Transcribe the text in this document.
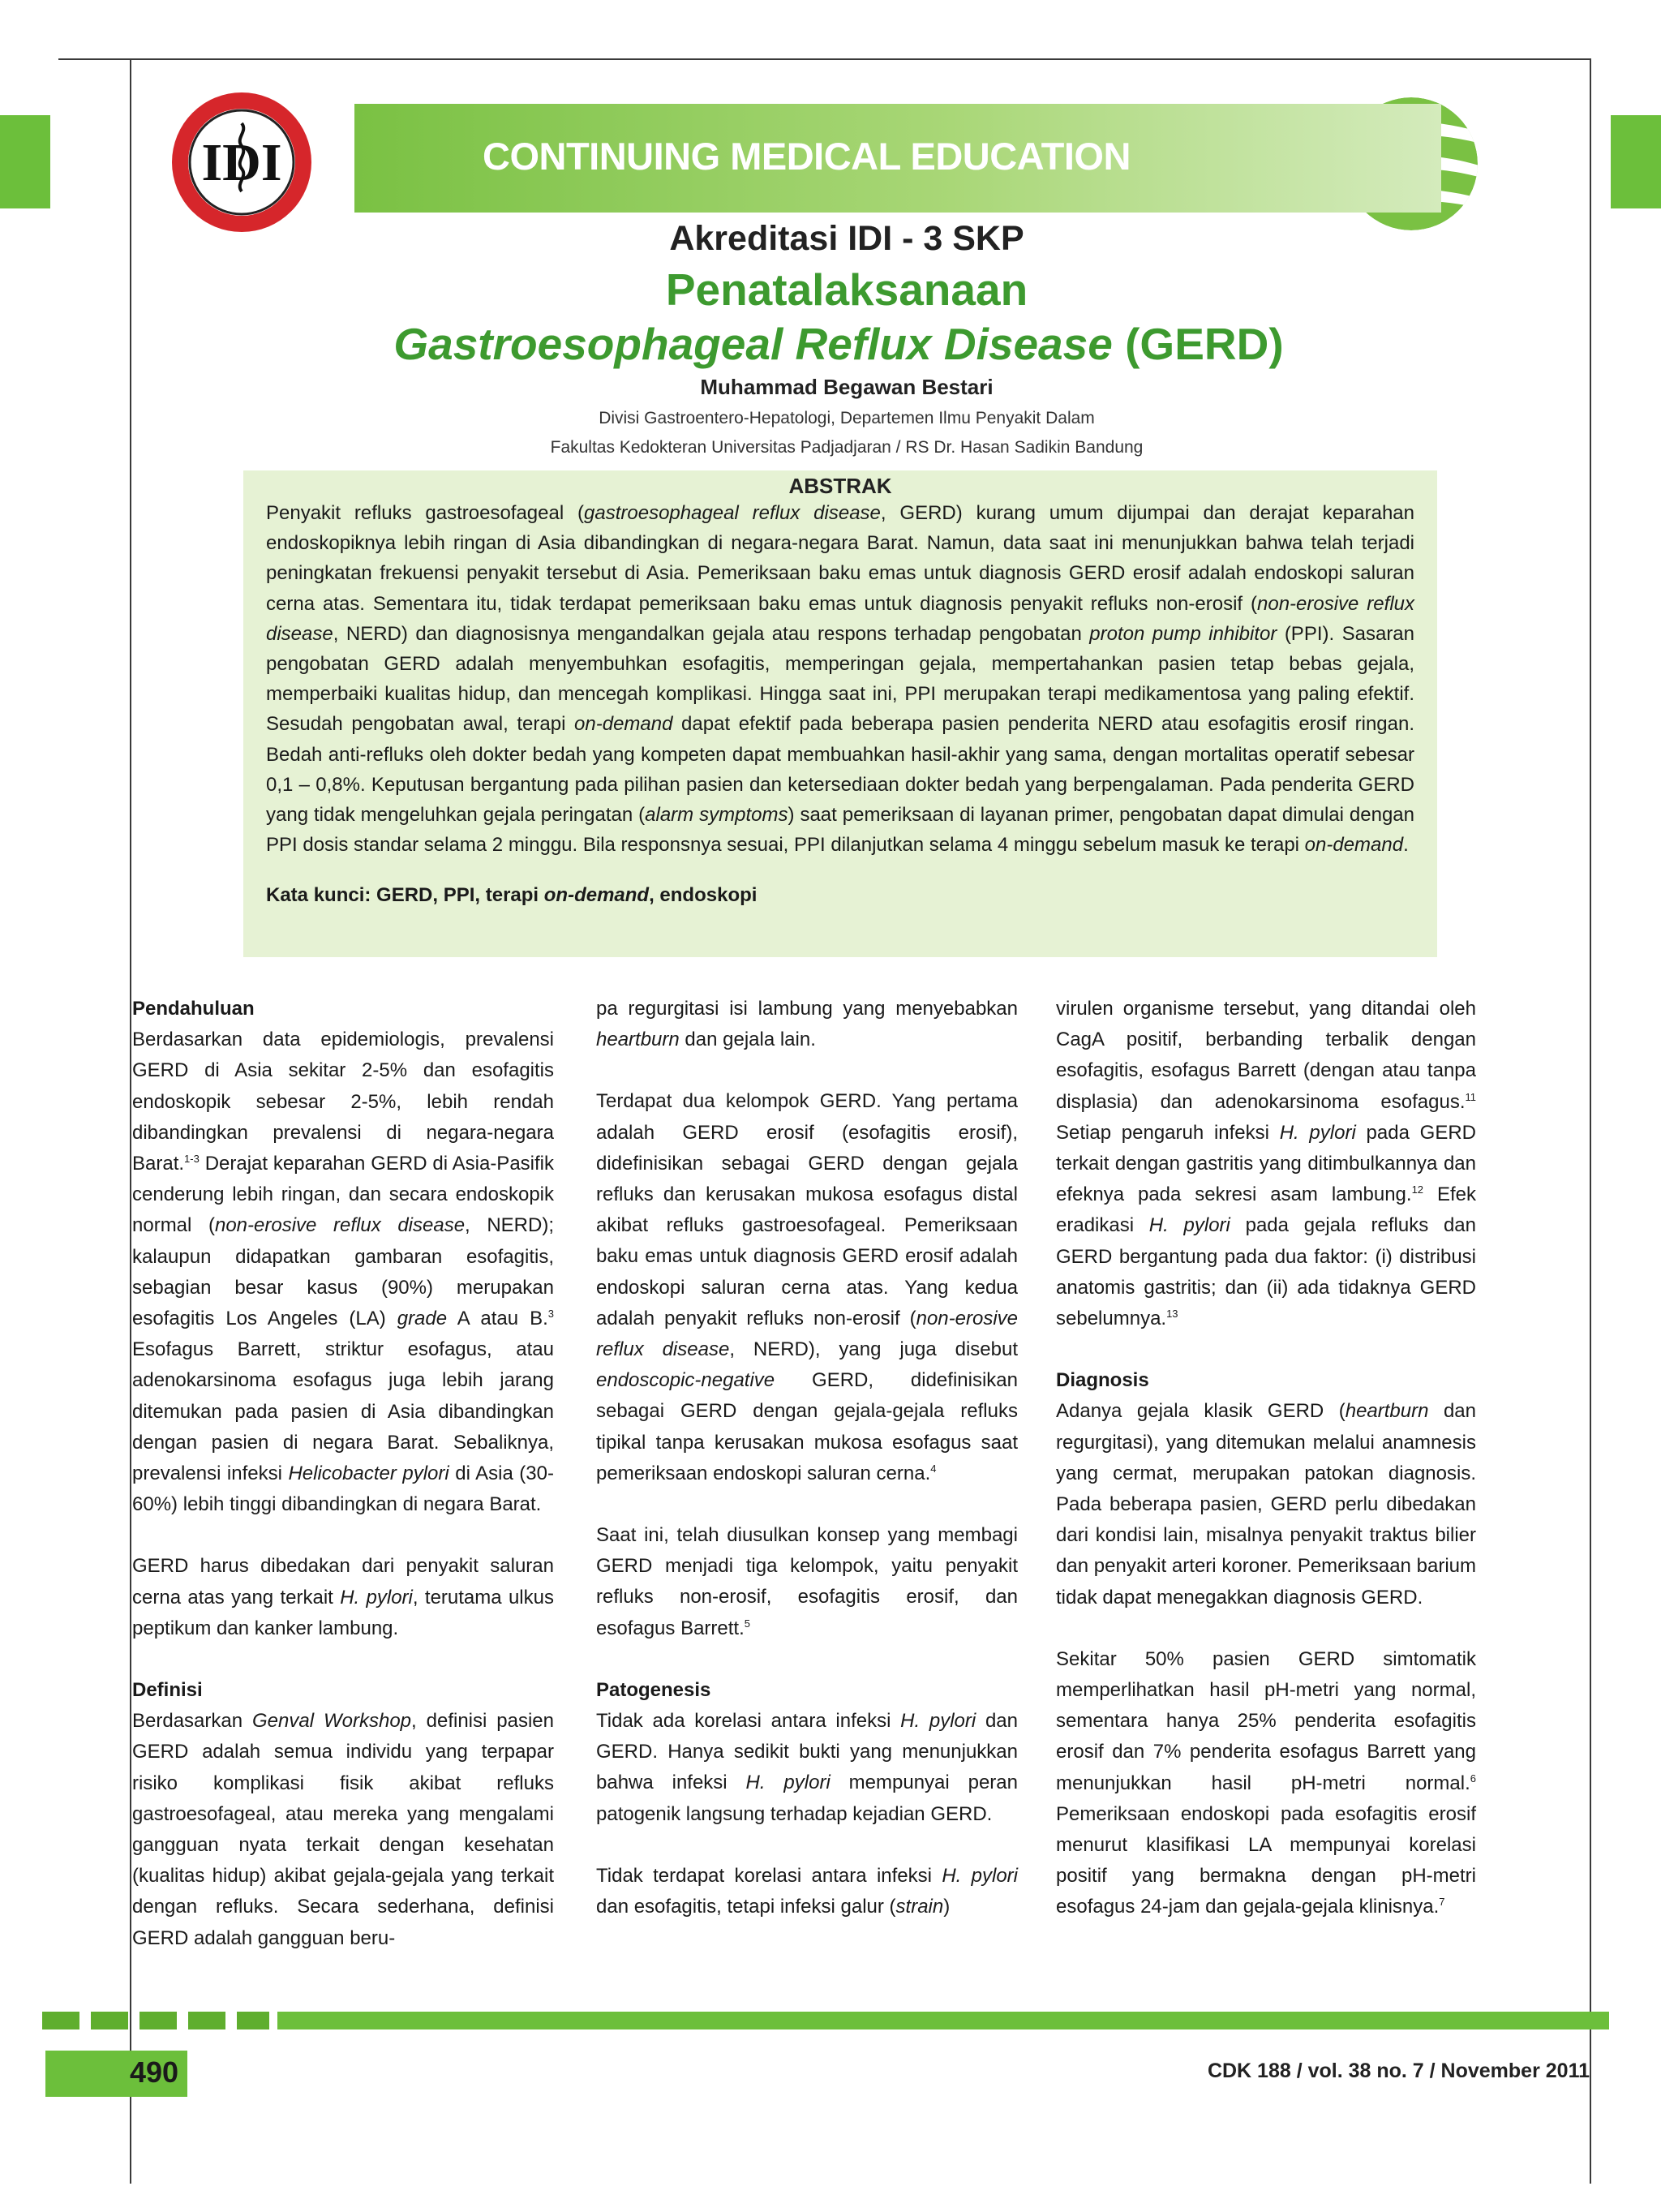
IDI	CONTINUING MEDICAL EDUCATION
Akreditasi IDI - 3 SKP
Penatalaksanaan
Gastroesophageal Reflux Disease (GERD)
Muhammad Begawan Bestari
Divisi Gastroentero-Hepatologi, Departemen Ilmu Penyakit Dalam
Fakultas Kedokteran Universitas Padjadjaran / RS Dr. Hasan Sadikin Bandung
ABSTRAK

Penyakit refluks gastroesofageal (gastroesophageal reflux disease, GERD) kurang umum dijumpai dan derajat keparahan endoskopiknya lebih ringan di Asia dibandingkan di negara-negara Barat. Namun, data saat ini menunjukkan bahwa telah terjadi peningkatan frekuensi penyakit tersebut di Asia. Pemeriksaan baku emas untuk diagnosis GERD erosif adalah endoskopi saluran cerna atas. Sementara itu, tidak terdapat pemeriksaan baku emas untuk diagnosis penyakit refluks non-erosif (non-erosive reflux disease, NERD) dan diagnosisnya mengandalkan gejala atau respons terhadap pengobatan proton pump inhibitor (PPI). Sasaran pengobatan GERD adalah menyembuhkan esofagitis, memperingan gejala, mempertahankan pasien tetap bebas gejala, memperbaiki kualitas hidup, dan mencegah komplikasi. Hingga saat ini, PPI merupakan terapi medikamentosa yang paling efektif. Sesudah pengobatan awal, terapi on-demand dapat efektif pada beberapa pasien penderita NERD atau esofagitis erosif ringan. Bedah anti-refluks oleh dokter bedah yang kompeten dapat membuahkan hasil-akhir yang sama, dengan mortalitas operatif sebesar 0,1 – 0,8%. Keputusan bergantung pada pilihan pasien dan ketersediaan dokter bedah yang berpengalaman. Pada penderita GERD yang tidak mengeluhkan gejala peringatan (alarm symptoms) saat pemeriksaan di layanan primer, pengobatan dapat dimulai dengan PPI dosis standar selama 2 minggu. Bila responsnya sesuai, PPI dilanjutkan selama 4 minggu sebelum masuk ke terapi on-demand.

Kata kunci: GERD, PPI, terapi on-demand, endoskopi
Pendahuluan

Berdasarkan data epidemiologis, prevalensi GERD di Asia sekitar 2-5% dan esofagitis endoskopik sebesar 2-5%, lebih rendah dibandingkan prevalensi di negara-negara Barat.$^{1-3}$ Derajat keparahan GERD di Asia-Pasifik cenderung lebih ringan, dan secara endoskopik normal (non-erosive reflux disease, NERD); kalaupun didapatkan gambaran esofagitis, sebagian besar kasus (90%) merupakan esofagitis Los Angeles (LA) grade A atau B.$^3$ Esofagus Barrett, striktur esofagus, atau adenokarsinoma esofagus juga lebih jarang ditemukan pada pasien di Asia dibandingkan dengan pasien di negara Barat. Sebaliknya, prevalensi infeksi Helicobacter pylori di Asia (30-60%) lebih tinggi dibandingkan di negara Barat.

GERD harus dibedakan dari penyakit saluran cerna atas yang terkait H. pylori, terutama ulkus peptikum dan kanker lambung.

Definisi

Berdasarkan Genval Workshop, definisi pasien GERD adalah semua individu yang terpapar risiko komplikasi fisik akibat refluks gastroesofageal, atau mereka yang mengalami gangguan nyata terkait dengan kesehatan (kualitas hidup) akibat gejala-gejala yang terkait dengan refluks. Secara sederhana, definisi GERD adalah gangguan beru-

pa regurgitasi isi lambung yang menyebabkan heartburn dan gejala lain.

Terdapat dua kelompok GERD. Yang pertama adalah GERD erosif (esofagitis erosif), didefinisikan sebagai GERD dengan gejala refluks dan kerusakan mukosa esofagus distal akibat refluks gastroesofageal. Pemeriksaan baku emas untuk diagnosis GERD erosif adalah endoskopi saluran cerna atas. Yang kedua adalah penyakit refluks non-erosif (non-erosive reflux disease, NERD), yang juga disebut endoscopic-negative GERD, didefinisikan sebagai GERD dengan gejala-gejala refluks tipikal tanpa kerusakan mukosa esofagus saat pemeriksaan endoskopi saluran cerna.$^4$

Saat ini, telah diusulkan konsep yang membagi GERD menjadi tiga kelompok, yaitu penyakit refluks non-erosif, esofagitis erosif, dan esofagus Barrett.$^5$

Patogenesis

Tidak ada korelasi antara infeksi H. pylori dan GERD. Hanya sedikit bukti yang menunjukkan bahwa infeksi H. pylori mempunyai peran patogenik langsung terhadap kejadian GERD.

Tidak terdapat korelasi antara infeksi H. pylori dan esofagitis, tetapi infeksi galur (strain)

virulen organisme tersebut, yang ditandai oleh CagA positif, berbanding terbalik dengan esofagitis, esofagus Barrett (dengan atau tanpa displasia) dan adenokarsinoma esofagus.$^{11}$ Setiap pengaruh infeksi H. pylori pada GERD terkait dengan gastritis yang ditimbulkannya dan efeknya pada sekresi asam lambung.$^{12}$ Efek eradikasi H. pylori pada gejala refluks dan GERD bergantung pada dua faktor: (i) distribusi anatomis gastritis; dan (ii) ada tidaknya GERD sebelumnya.$^{13}$

Diagnosis

Adanya gejala klasik GERD (heartburn dan regurgitasi), yang ditemukan melalui anamnesis yang cermat, merupakan patokan diagnosis. Pada beberapa pasien, GERD perlu dibedakan dari kondisi lain, misalnya penyakit traktus bilier dan penyakit arteri koroner. Pemeriksaan barium tidak dapat menegakkan diagnosis GERD.

Sekitar 50% pasien GERD simtomatik memperlihatkan hasil pH-metri yang normal, sementara hanya 25% penderita esofagitis erosif dan 7% penderita esofagus Barrett yang menunjukkan hasil pH-metri normal.$^6$ Pemeriksaan endoskopi pada esofagitis erosif menurut klasifikasi LA mempunyai korelasi positif yang bermakna dengan pH-metri esofagus 24-jam dan gejala-gejala klinisnya.$^7$

490	CDK 188 / vol. 38 no. 7 / November 2011
